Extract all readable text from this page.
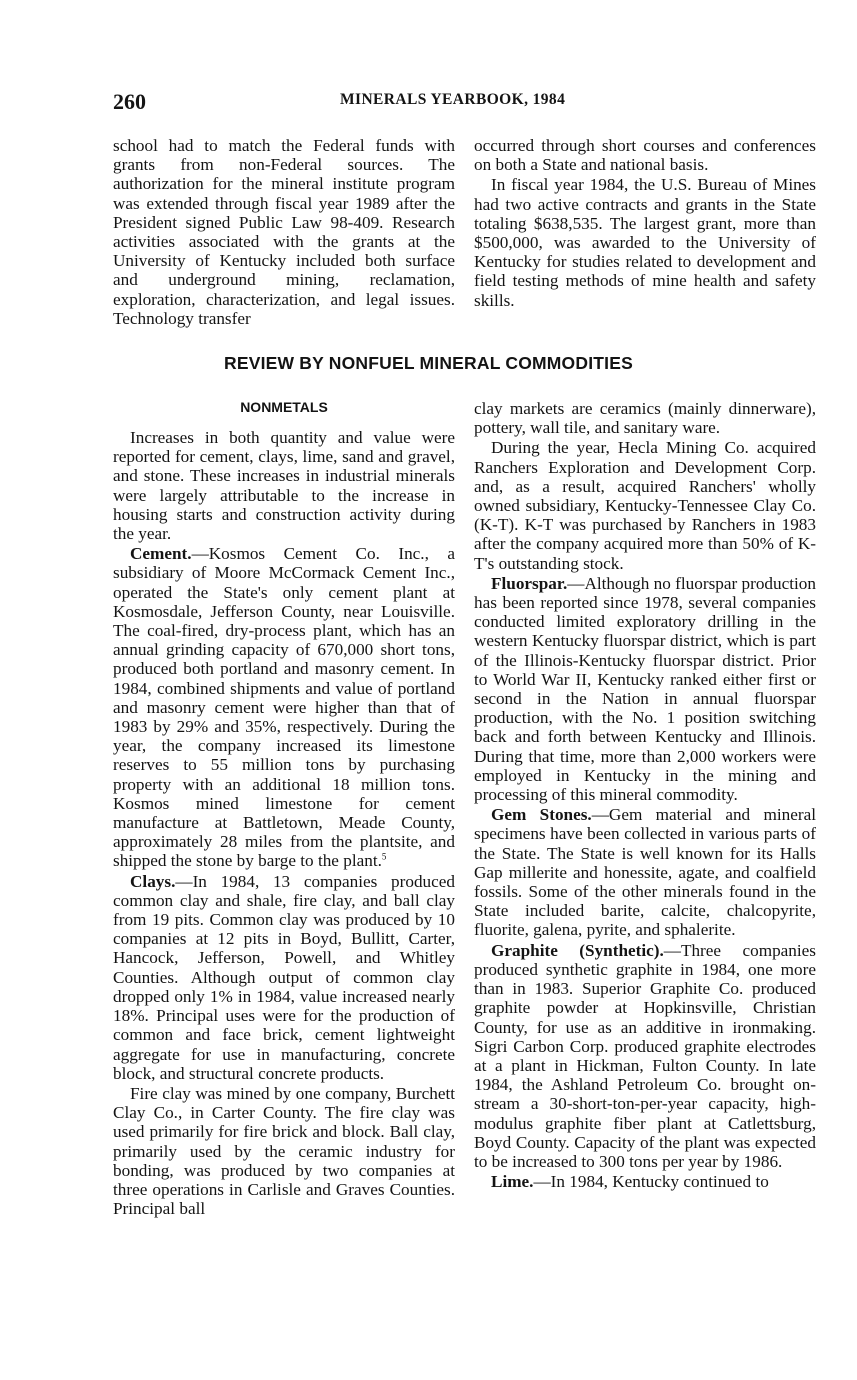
260	MINERALS YEARBOOK, 1984

school had to match the Federal funds with grants from non-Federal sources. The authorization for the mineral institute program was extended through fiscal year 1989 after the President signed Public Law 98-409. Research activities associated with the grants at the University of Kentucky included both surface and underground mining, reclamation, exploration, characterization, and legal issues. Technology transfer

occurred through short courses and conferences on both a State and national basis.

In fiscal year 1984, the U.S. Bureau of Mines had two active contracts and grants in the State totaling $638,535. The largest grant, more than $500,000, was awarded to the University of Kentucky for studies related to development and field testing methods of mine health and safety skills.

REVIEW BY NONFUEL MINERAL COMMODITIES
NONMETALS

Increases in both quantity and value were reported for cement, clays, lime, sand and gravel, and stone. These increases in industrial minerals were largely attributable to the increase in housing starts and construction activity during the year.

Cement.—Kosmos Cement Co. Inc., a subsidiary of Moore McCormack Cement Inc., operated the State's only cement plant at Kosmosdale, Jefferson County, near Louisville. The coal-fired, dry-process plant, which has an annual grinding capacity of 670,000 short tons, produced both portland and masonry cement. In 1984, combined shipments and value of portland and masonry cement were higher than that of 1983 by 29% and 35%, respectively. During the year, the company increased its limestone reserves to 55 million tons by purchasing property with an additional 18 million tons. Kosmos mined limestone for cement manufacture at Battletown, Meade County, approximately 28 miles from the plantsite, and shipped the stone by barge to the plant.$^5$

Clays.—In 1984, 13 companies produced common clay and shale, fire clay, and ball clay from 19 pits. Common clay was produced by 10 companies at 12 pits in Boyd, Bullitt, Carter, Hancock, Jefferson, Powell, and Whitley Counties. Although output of common clay dropped only 1% in 1984, value increased nearly 18%. Principal uses were for the production of common and face brick, cement lightweight aggregate for use in manufacturing, concrete block, and structural concrete products.

Fire clay was mined by one company, Burchett Clay Co., in Carter County. The fire clay was used primarily for fire brick and block. Ball clay, primarily used by the ceramic industry for bonding, was produced by two companies at three operations in Carlisle and Graves Counties. Principal ball

clay markets are ceramics (mainly dinnerware), pottery, wall tile, and sanitary ware.

During the year, Hecla Mining Co. acquired Ranchers Exploration and Development Corp. and, as a result, acquired Ranchers' wholly owned subsidiary, Kentucky-Tennessee Clay Co. (K-T). K-T was purchased by Ranchers in 1983 after the company acquired more than 50% of K-T's outstanding stock.

Fluorspar.—Although no fluorspar production has been reported since 1978, several companies conducted limited exploratory drilling in the western Kentucky fluorspar district, which is part of the Illinois-Kentucky fluorspar district. Prior to World War II, Kentucky ranked either first or second in the Nation in annual fluorspar production, with the No. 1 position switching back and forth between Kentucky and Illinois. During that time, more than 2,000 workers were employed in Kentucky in the mining and processing of this mineral commodity.

Gem Stones.—Gem material and mineral specimens have been collected in various parts of the State. The State is well known for its Halls Gap millerite and honessite, agate, and coalfield fossils. Some of the other minerals found in the State included barite, calcite, chalcopyrite, fluorite, galena, pyrite, and sphalerite.

Graphite (Synthetic).—Three companies produced synthetic graphite in 1984, one more than in 1983. Superior Graphite Co. produced graphite powder at Hopkinsville, Christian County, for use as an additive in ironmaking. Sigri Carbon Corp. produced graphite electrodes at a plant in Hickman, Fulton County. In late 1984, the Ashland Petroleum Co. brought on-stream a 30-short-ton-per-year capacity, high-modulus graphite fiber plant at Catlettsburg, Boyd County. Capacity of the plant was expected to be increased to 300 tons per year by 1986.

Lime.—In 1984, Kentucky continued to
